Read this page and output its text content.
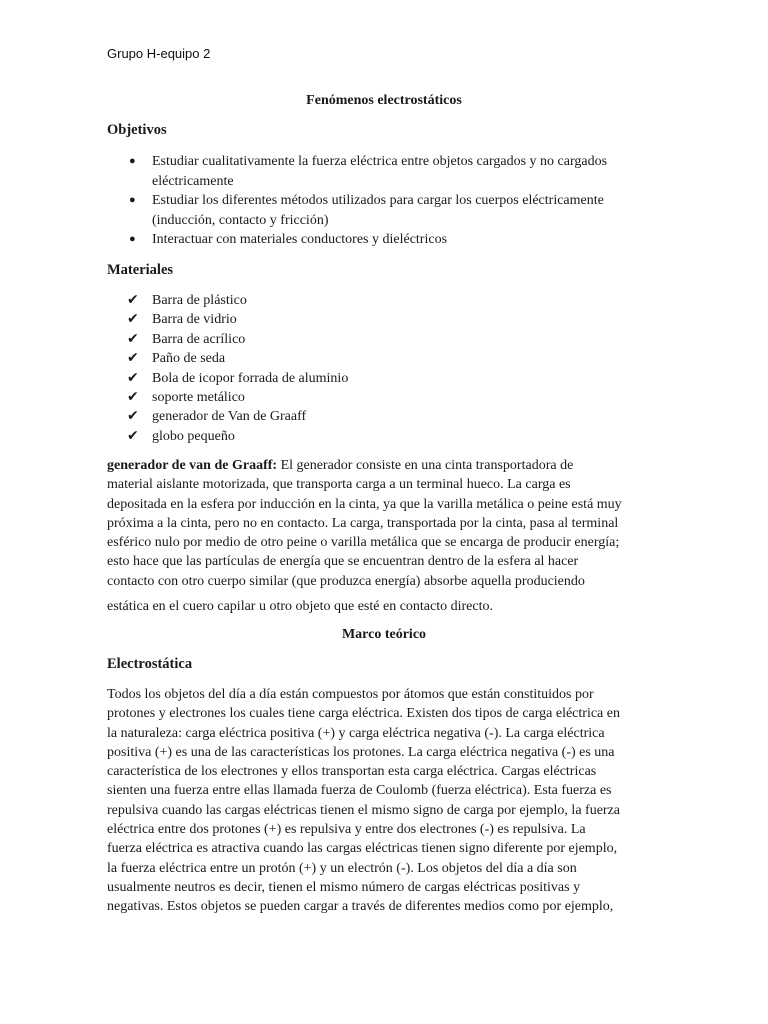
Grupo H-equipo 2
Fenómenos electrostáticos
Objetivos
● Estudiar cualitativamente la fuerza eléctrica entre objetos cargados y no cargados
eléctricamente
● Estudiar los diferentes métodos utilizados para cargar los cuerpos eléctricamente
(inducción, contacto y fricción)
● Interactuar con materiales conductores y dieléctricos
Materiales
✔ Barra de plástico
✔ Barra de vidrio
✔ Barra de acrílico
✔ Paño de seda
✔ Bola de icopor forrada de aluminio
✔ soporte metálico
✔ generador de Van de Graaff
✔ globo pequeño
generador de van de Graaff: El generador consiste en una cinta transportadora de
material aislante motorizada, que transporta carga a un terminal hueco. La carga es
depositada en la esfera por inducción en la cinta, ya que la varilla metálica o peine está muy
próxima a la cinta, pero no en contacto. La carga, transportada por la cinta, pasa al terminal
esférico nulo por medio de otro peine o varilla metálica que se encarga de producir energía;
esto hace que las partículas de energía que se encuentran dentro de la esfera al hacer
contacto con otro cuerpo similar (que produzca energía) absorbe aquella produciendo
estática en el cuero capilar u otro objeto que esté en contacto directo.
Marco teórico
Electrostática
Todos los objetos del día a día están compuestos por átomos que están constituidos por
protones y electrones los cuales tiene carga eléctrica. Existen dos tipos de carga eléctrica en
la naturaleza: carga eléctrica positiva (+) y carga eléctrica negativa (-). La carga eléctrica
positiva (+) es una de las características los protones. La carga eléctrica negativa (-) es una
característica de los electrones y ellos transportan esta carga eléctrica. Cargas eléctricas
sienten una fuerza entre ellas llamada fuerza de Coulomb (fuerza eléctrica). Esta fuerza es
repulsiva cuando las cargas eléctricas tienen el mismo signo de carga por ejemplo, la fuerza
eléctrica entre dos protones (+) es repulsiva y entre dos electrones (-) es repulsiva. La
fuerza eléctrica es atractiva cuando las cargas eléctricas tienen signo diferente por ejemplo,
la fuerza eléctrica entre un protón (+) y un electrón (-). Los objetos del día a día son
usualmente neutros es decir, tienen el mismo número de cargas eléctricas positivas y
negativas. Estos objetos se pueden cargar a través de diferentes medios como por ejemplo,
